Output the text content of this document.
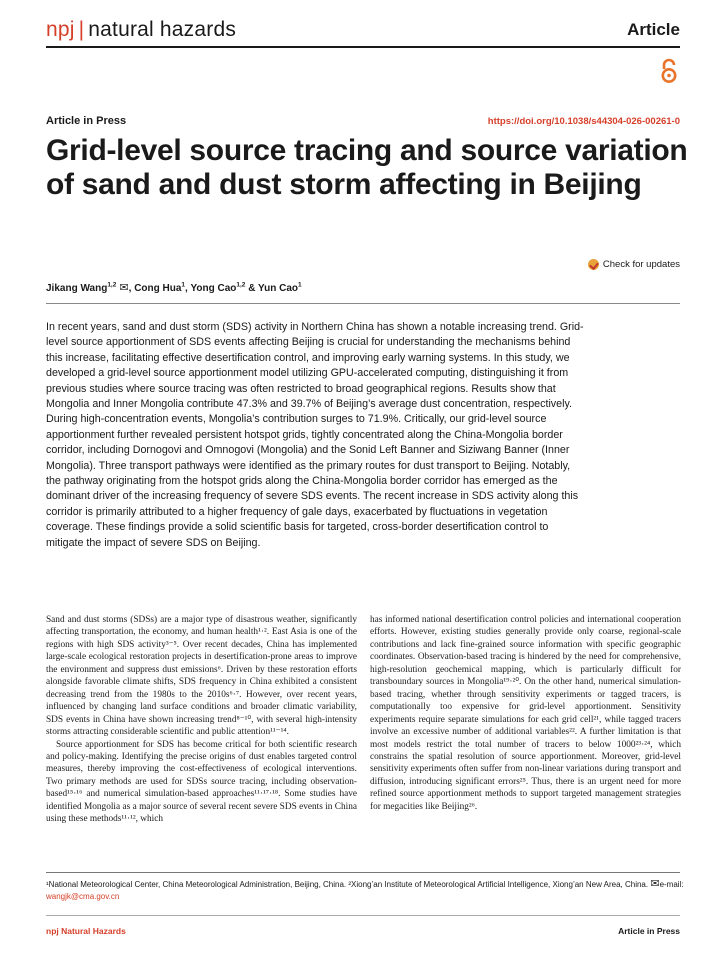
npj | natural hazards	Article
Article in Press	https://doi.org/10.1038/s44304-026-00261-0
Grid-level source tracing and source variation of sand and dust storm affecting in Beijing
Check for updates
Jikang Wang$^{1,2}$ ✉, Cong Hua$^1$, Yong Cao$^{1,2}$ & Yun Cao$^1$

In recent years, sand and dust storm (SDS) activity in Northern China has shown a notable increasing trend. Grid-level source apportionment of SDS events affecting Beijing is crucial for understanding the mechanisms behind this increase, facilitating effective desertification control, and improving early warning systems. In this study, we developed a grid-level source apportionment model utilizing GPU-accelerated computing, distinguishing it from previous studies where source tracing was often restricted to broad geographical regions. Results show that Mongolia and Inner Mongolia contribute 47.3% and 39.7% of Beijing’s average dust concentration, respectively. During high-concentration events, Mongolia’s contribution surges to 71.9%. Critically, our grid-level source apportionment further revealed persistent hotspot grids, tightly concentrated along the China-Mongolia border corridor, including Dornogovi and Omnogovi (Mongolia) and the Sonid Left Banner and Siziwang Banner (Inner Mongolia). Three transport pathways were identified as the primary routes for dust transport to Beijing. Notably, the pathway originating from the hotspot grids along the China-Mongolia border corridor has emerged as the dominant driver of the increasing frequency of severe SDS events. The recent increase in SDS activity along this corridor is primarily attributed to a higher frequency of gale days, exacerbated by fluctuations in vegetation coverage. These findings provide a solid scientific basis for targeted, cross-border desertification control to mitigate the impact of severe SDS on Beijing.

Sand and dust storms (SDSs) are a major type of disastrous weather, significantly affecting transportation, the economy, and human health¹·². East Asia is one of the regions with high SDS activity³⁻⁵. Over recent decades, China has implemented large-scale ecological restoration projects in desertification-prone areas to improve the environment and suppress dust emissions⁶. Driven by these restoration efforts alongside favorable climate shifts, SDS frequency in China exhibited a consistent decreasing trend from the 1980s to the 2010s⁶·⁷. However, over recent years, influenced by changing land surface conditions and broader climatic variability, SDS events in China have shown increasing trend⁸⁻¹⁰, with several high-intensity storms attracting considerable scientific and public attention¹¹⁻¹⁴.

Source apportionment for SDS has become critical for both scientific research and policy-making. Identifying the precise origins of dust enables targeted control measures, thereby improving the cost-effectiveness of ecological interventions. Two primary methods are used for SDSs source tracing, including observation-based¹⁵·¹⁶ and numerical simulation-based approaches¹¹·¹⁷·¹⁸. Some studies have identified Mongolia as a major source of several recent severe SDS events in China using these methods¹¹·¹², which

has informed national desertification control policies and international cooperation efforts. However, existing studies generally provide only coarse, regional-scale contributions and lack fine-grained source information with specific geographic coordinates. Observation-based tracing is hindered by the need for comprehensive, high-resolution geochemical mapping, which is particularly difficult for transboundary sources in Mongolia¹⁹·²⁰. On the other hand, numerical simulation-based tracing, whether through sensitivity experiments or tagged tracers, is computationally too expensive for grid-level apportionment. Sensitivity experiments require separate simulations for each grid cell²¹, while tagged tracers involve an excessive number of additional variables²². A further limitation is that most models restrict the total number of tracers to below 1000²³·²⁴, which constrains the spatial resolution of source apportionment. Moreover, grid-level sensitivity experiments often suffer from non-linear variations during transport and diffusion, introducing significant errors²⁵. Thus, there is an urgent need for more refined source apportionment methods to support targeted management strategies for megacities like Beijing²⁶.

¹National Meteorological Center, China Meteorological Administration, Beijing, China. ²Xiong’an Institute of Meteorological Artificial Intelligence, Xiong’an New Area, China. ✉e-mail: wangjk@cma.gov.cn
npj Natural Hazards	Article in Press
